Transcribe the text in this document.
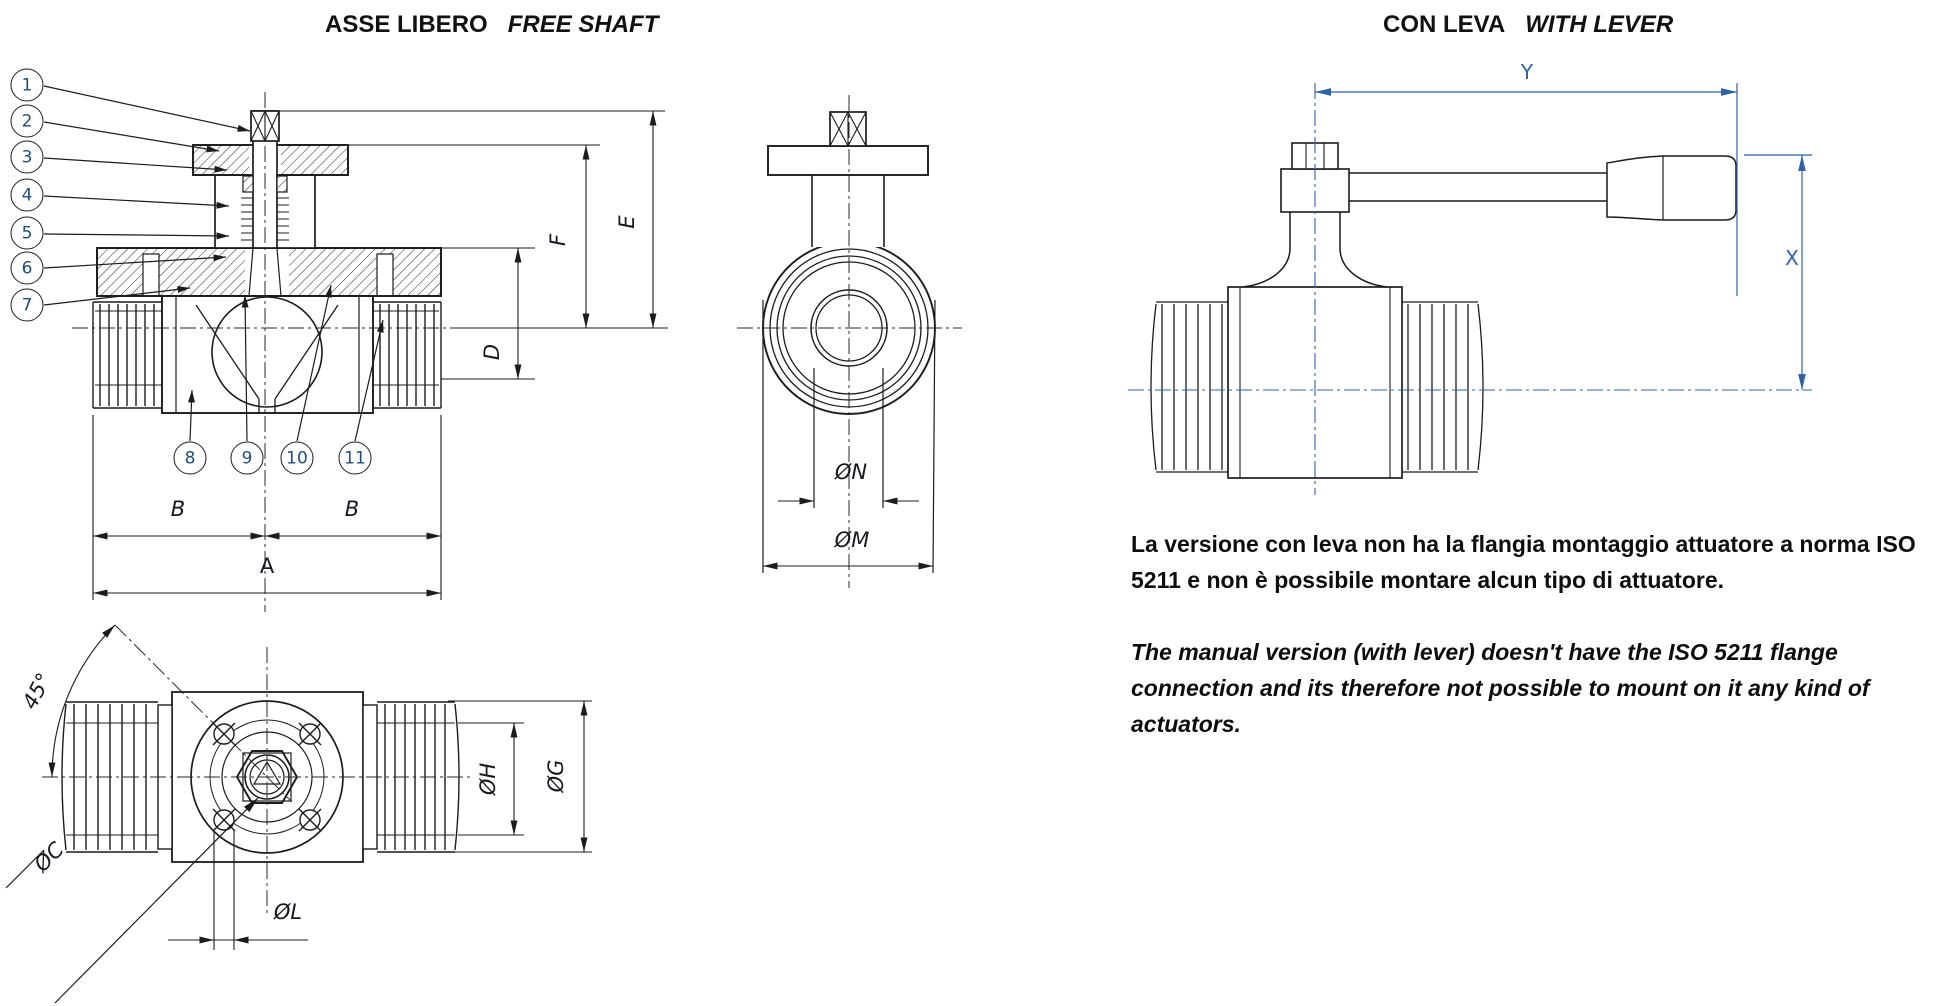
ASSE LIBERO FREE SHAFT	CON LEVA WITH LEVER
1
2
3
4
5
6
7
8	9 10 11
F
E
D
B	B
A
ØN
ØM
ØH ØG
ØL
ØC
45°
Y
X

La versione con leva non ha la flangia montaggio attuatore a norma ISO 5211 e non è possibile montare alcun tipo di attuatore.

The manual version (with lever) doesn't have the ISO 5211 flange connection and its therefore not possible to mount on it any kind of actuators.
